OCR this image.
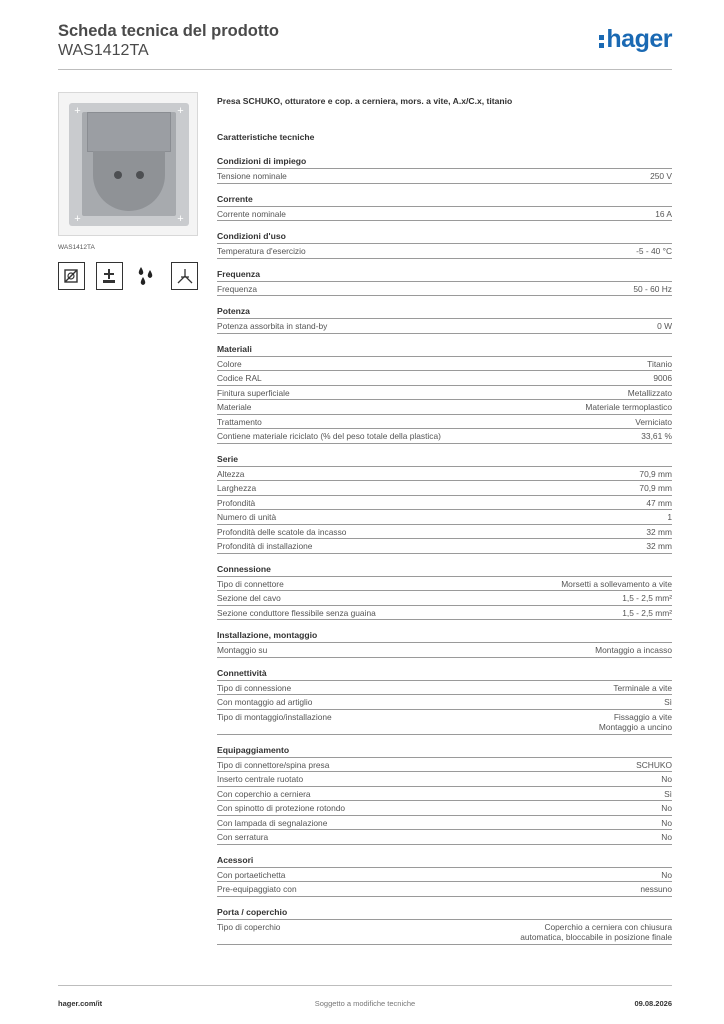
Scheda tecnica del prodotto
WAS1412TA	hager
+	+
+	+
WAS1412TA
Presa SCHUKO, otturatore e cop. a cerniera, mors. a vite, A.x/C.x, titanio
Caratteristiche tecniche
Condizioni di impiego
Tensione nominale	250 V
Corrente
Corrente nominale	16 A
Condizioni d'uso
Temperatura d'esercizio	-5 - 40 °C
Frequenza
Frequenza	50 - 60 Hz
Potenza
Potenza assorbita in stand-by	0 W
Materiali
Colore	Titanio
Codice RAL	9006
Finitura superficiale	Metallizzato
Materiale	Materiale termoplastico
Trattamento	Verniciato
Contiene materiale riciclato (% del peso totale della plastica)	33,61 %
Serie
Altezza	70,9 mm
Larghezza	70,9 mm
Profondità	47 mm
Numero di unità	1
Profondità delle scatole da incasso	32 mm
Profondità di installazione	32 mm
Connessione
Tipo di connettore	Morsetti a sollevamento a vite
Sezione del cavo	1,5 - 2,5 mm²
Sezione conduttore flessibile senza guaina	1,5 - 2,5 mm²
Installazione, montaggio
Montaggio su	Montaggio a incasso
Connettività
Tipo di connessione	Terminale a vite
Con montaggio ad artiglio	Sì
Tipo di montaggio/installazione	Fissaggio a vite
Montaggio a uncino
Equipaggiamento
Tipo di connettore/spina presa	SCHUKO
Inserto centrale ruotato	No
Con coperchio a cerniera	Sì
Con spinotto di protezione rotondo	No
Con lampada di segnalazione	No
Con serratura	No
Acessori
Con portaetichetta	No
Pre-equipaggiato con	nessuno
Porta / coperchio
Tipo di coperchio	Coperchio a cerniera con chiusura
automatica, bloccabile in posizione finale
hager.com/it	Soggetto a modifiche tecniche	09.08.2026
